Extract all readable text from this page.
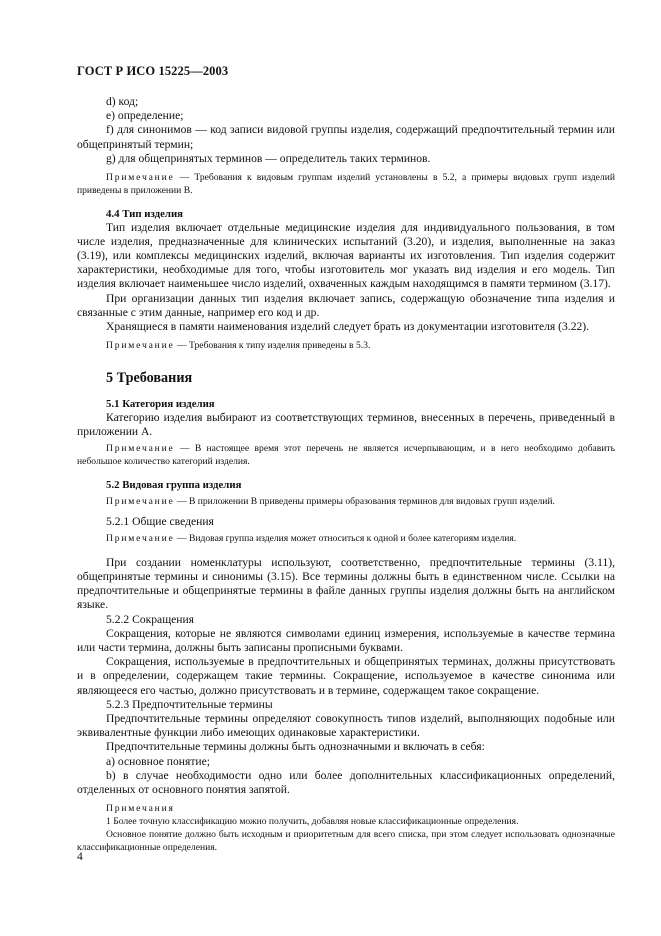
ГОСТ Р ИСО 15225—2003

d) код;

e) определение;

f) для синонимов — код записи видовой группы изделия, содержащий предпочтительный термин или общепринятый термин;

g) для общепринятых терминов — определитель таких терминов.

Примечание — Требования к видовым группам изделий установлены в 5.2, а примеры видовых групп изделий приведены в приложении В.

4.4 Тип изделия

Тип изделия включает отдельные медицинские изделия для индивидуального пользования, в том числе изделия, предназначенные для клинических испытаний (3.20), и изделия, выполненные на заказ (3.19), или комплексы медицинских изделий, включая варианты их изготовления. Тип изделия содержит характеристики, необходимые для того, чтобы изготовитель мог указать вид изделия и его модель. Тип изделия включает наименьшее число изделий, охваченных каждым находящимся в памяти термином (3.17).

При организации данных тип изделия включает запись, содержащую обозначение типа изделия и связанные с этим данные, например его код и др.

Хранящиеся в памяти наименования изделий следует брать из документации изготовителя (3.22).

Примечание — Требования к типу изделия приведены в 5.3.

5 Требования
5.1 Категория изделия

Категорию изделия выбирают из соответствующих терминов, внесенных в перечень, приведенный в приложении А.

Примечание — В настоящее время этот перечень не является исчерпывающим, и в него необходимо добавить небольшое количество категорий изделия.

5.2 Видовая группа изделия

Примечание — В приложении В приведены примеры образования терминов для видовых групп изделий.

5.2.1 Общие сведения

Примечание — Видовая группа изделия может относиться к одной и более категориям изделия.

При создании номенклатуры используют, соответственно, предпочтительные термины (3.11), общепринятые термины и синонимы (3.15). Все термины должны быть в единственном числе. Ссылки на предпочтительные и общепринятые термины в файле данных группы изделия должны быть на английском языке.

5.2.2 Сокращения

Сокращения, которые не являются символами единиц измерения, используемые в качестве термина или части термина, должны быть записаны прописными буквами.

Сокращения, используемые в предпочтительных и общепринятых терминах, должны присутствовать и в определении, содержащем такие термины. Сокращение, используемое в качестве синонима или являющееся его частью, должно присутствовать и в термине, содержащем такое сокращение.

5.2.3 Предпочтительные термины

Предпочтительные термины определяют совокупность типов изделий, выполняющих подобные или эквивалентные функции либо имеющих одинаковые характеристики.

Предпочтительные термины должны быть однозначными и включать в себя:

а) основное понятие;

b) в случае необходимости одно или более дополнительных классификационных определений, отделенных от основного понятия запятой.

Примечания

1 Более точную классификацию можно получить, добавляя новые классификационные определения.

Основное понятие должно быть исходным и приоритетным для всего списка, при этом следует использовать однозначные классификационные определения.

4
